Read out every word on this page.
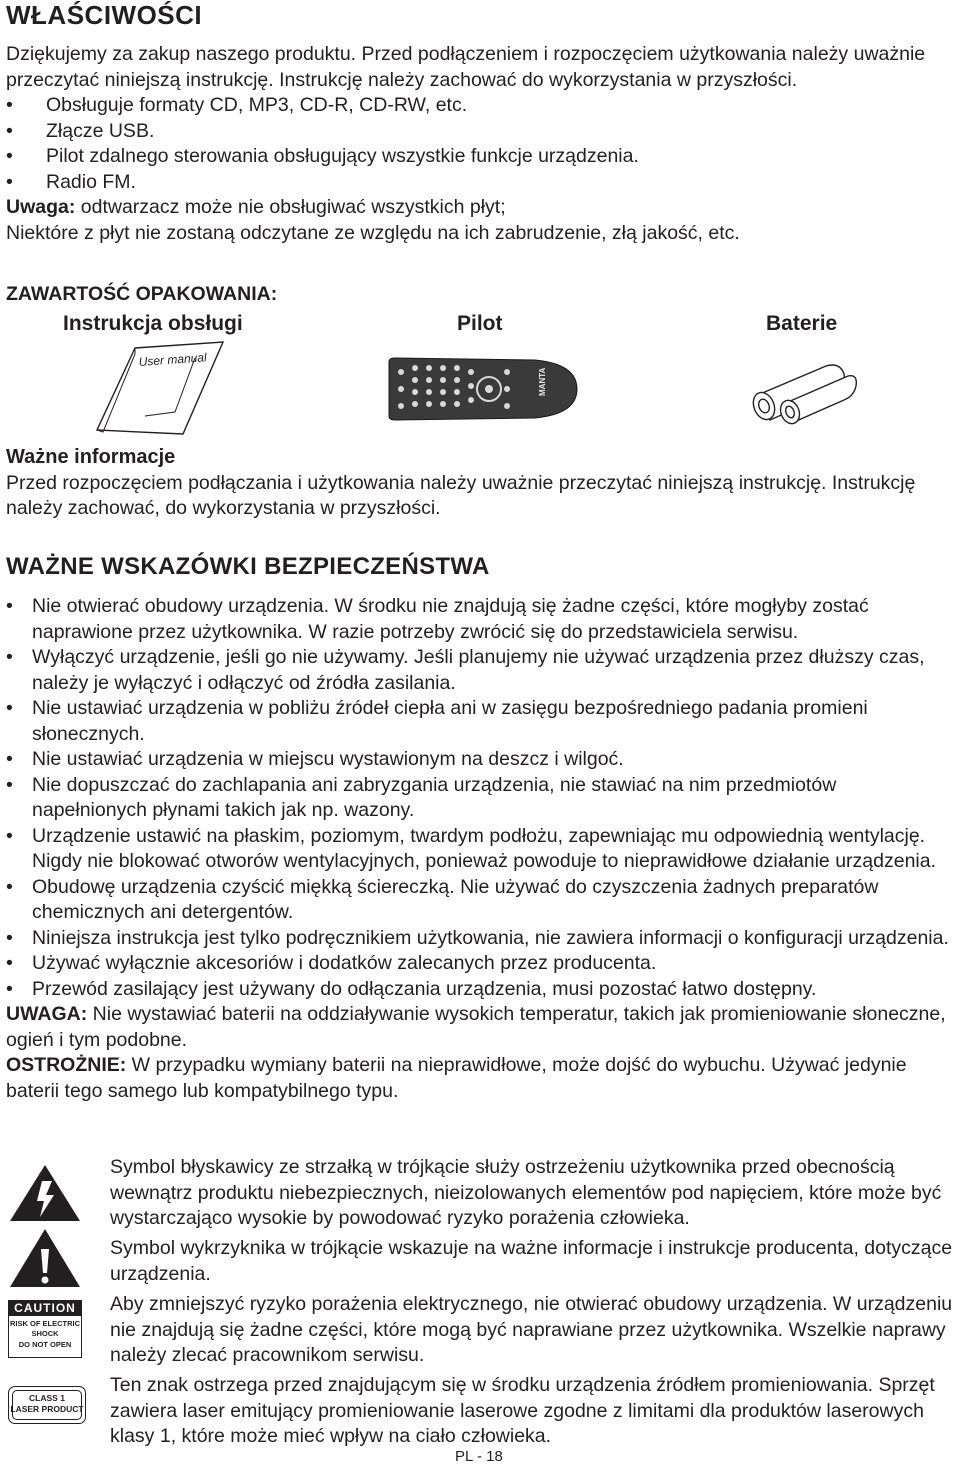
WŁAŚCIWOŚCI

Dziękujemy za zakup naszego produktu. Przed podłączeniem i rozpoczęciem użytkowania należy uważnie przeczytać niniejszą instrukcję. Instrukcję należy zachować do wykorzystania w przyszłości.

• Obsługuje formaty CD, MP3, CD-R, CD-RW, etc.
• Złącze USB.
• Pilot zdalnego sterowania obsługujący wszystkie funkcje urządzenia.
• Radio FM.

Uwaga: odtwarzacz może nie obsługiwać wszystkich płyt;

Niektóre z płyt nie zostaną odczytane ze względu na ich zabrudzenie, złą jakość, etc.

ZAWARTOŚĆ OPAKOWANIA:
Instrukcja obsługi	Pilot	Baterie
User manual
MANTA

Ważne informacje

Przed rozpoczęciem podłączania i użytkowania należy uważnie przeczytać niniejszą instrukcję. Instrukcję należy zachować, do wykorzystania w przyszłości.

WAŻNE WSKAZÓWKI BEZPIECZEŃSTWA
• Nie otwierać obudowy urządzenia. W środku nie znajdują się żadne części, które mogłyby zostać naprawione przez użytkownika. W razie potrzeby zwrócić się do przedstawiciela serwisu.
• Wyłączyć urządzenie, jeśli go nie używamy. Jeśli planujemy nie używać urządzenia przez dłuższy czas, należy je wyłączyć i odłączyć od źródła zasilania.
• Nie ustawiać urządzenia w pobliżu źródeł ciepła ani w zasięgu bezpośredniego padania promieni słonecznych.
• Nie ustawiać urządzenia w miejscu wystawionym na deszcz i wilgoć.
• Nie dopuszczać do zachlapania ani zabryzgania urządzenia, nie stawiać na nim przedmiotów napełnionych płynami takich jak np. wazony.
• Urządzenie ustawić na płaskim, poziomym, twardym podłożu, zapewniając mu odpowiednią wentylację. Nigdy nie blokować otworów wentylacyjnych, ponieważ powoduje to nieprawidłowe działanie urządzenia.
• Obudowę urządzenia czyścić miękką ściereczką. Nie używać do czyszczenia żadnych preparatów chemicznych ani detergentów.
• Niniejsza instrukcja jest tylko podręcznikiem użytkowania, nie zawiera informacji o konfiguracji urządzenia.
• Używać wyłącznie akcesoriów i dodatków zalecanych przez producenta.
• Przewód zasilający jest używany do odłączania urządzenia, musi pozostać łatwo dostępny.

UWAGA: Nie wystawiać baterii na oddziaływanie wysokich temperatur, takich jak promieniowanie słoneczne, ogień i tym podobne.

OSTROŻNIE: W przypadku wymiany baterii na nieprawidłowe, może dojść do wybuchu. Używać jedynie baterii tego samego lub kompatybilnego typu.

CAUTION
RISK OF ELECTRIC
SHOCK
DO NOT OPEN
CLASS 1
LASER PRODUCT

Symbol błyskawicy ze strzałką w trójkącie służy ostrzeżeniu użytkownika przed obecnością wewnątrz produktu niebezpiecznych, nieizolowanych elementów pod napięciem, które może być wystarczająco wysokie by powodować ryzyko porażenia człowieka.

Symbol wykrzyknika w trójkącie wskazuje na ważne informacje i instrukcje producenta, dotyczące urządzenia.

Aby zmniejszyć ryzyko porażenia elektrycznego, nie otwierać obudowy urządzenia. W urządzeniu nie znajdują się żadne części, które mogą być naprawiane przez użytkownika. Wszelkie naprawy należy zlecać pracownikom serwisu.

Ten znak ostrzega przed znajdującym się w środku urządzenia źródłem promieniowania. Sprzęt zawiera laser emitujący promieniowanie laserowe zgodne z limitami dla produktów laserowych klasy 1, które może mieć wpływ na ciało człowieka.

PL - 18
